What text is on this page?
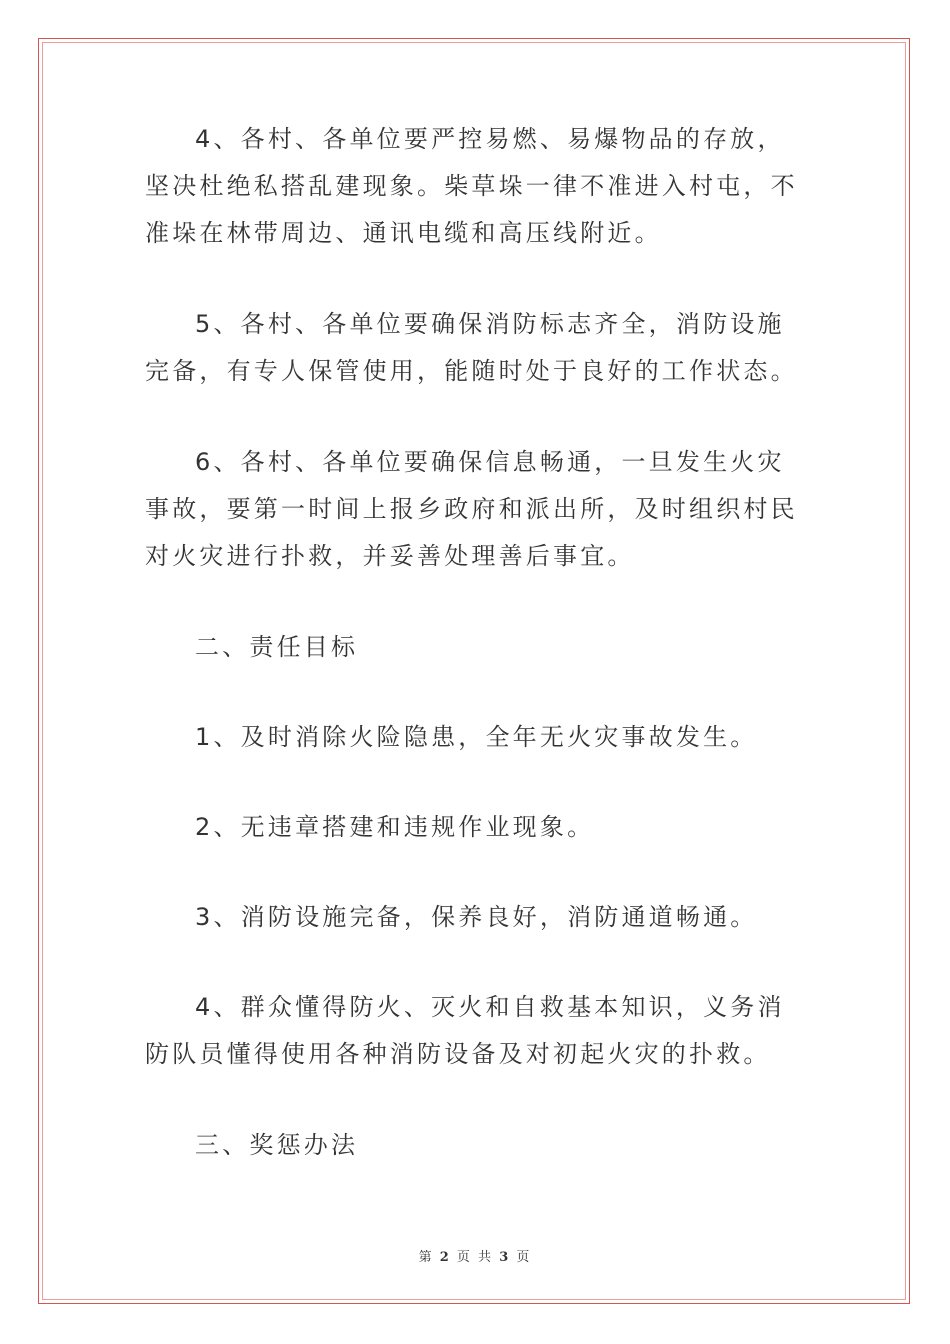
4、各村、各单位要严控易燃、易爆物品的存放，坚决杜绝私搭乱建现象。柴草垛一律不准进入村屯，不准垛在林带周边、通讯电缆和高压线附近。

5、各村、各单位要确保消防标志齐全，消防设施完备，有专人保管使用，能随时处于良好的工作状态。

6、各村、各单位要确保信息畅通，一旦发生火灾事故，要第一时间上报乡政府和派出所，及时组织村民对火灾进行扑救，并妥善处理善后事宜。

二、责任目标

1、及时消除火险隐患，全年无火灾事故发生。

2、无违章搭建和违规作业现象。

3、消防设施完备，保养良好，消防通道畅通。

4、群众懂得防火、灭火和自救基本知识，义务消防队员懂得使用各种消防设备及对初起火灾的扑救。

三、奖惩办法

第 2 页 共 3 页
